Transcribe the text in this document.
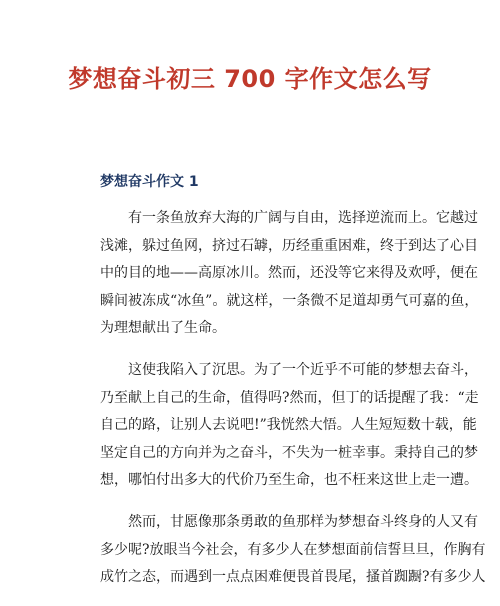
梦想奋斗初三 700 字作文怎么写
梦想奋斗作文 1

有一条鱼放弃大海的广阔与自由，选择逆流而上。它越过
浅滩，躲过鱼网，挤过石罅，历经重重困难，终于到达了心目
中的目的地——高原冰川。然而，还没等它来得及欢呼，便在
瞬间被冻成“冰鱼”。就这样，一条微不足道却勇气可嘉的鱼，
为理想献出了生命。

这使我陷入了沉思。为了一个近乎不可能的梦想去奋斗，
乃至献上自己的生命，值得吗?然而，但丁的话提醒了我：“走
自己的路，让别人去说吧!”我恍然大悟。人生短短数十载，能
坚定自己的方向并为之奋斗，不失为一桩幸事。秉持自己的梦
想，哪怕付出多大的代价乃至生命，也不枉来这世上走一遭。

然而，甘愿像那条勇敢的鱼那样为梦想奋斗终身的人又有
多少呢?放眼当今社会，有多少人在梦想面前信誓旦旦，作胸有
成竹之态，而遇到一点点困难便畏首畏尾，搔首踟蹰?有多少人
